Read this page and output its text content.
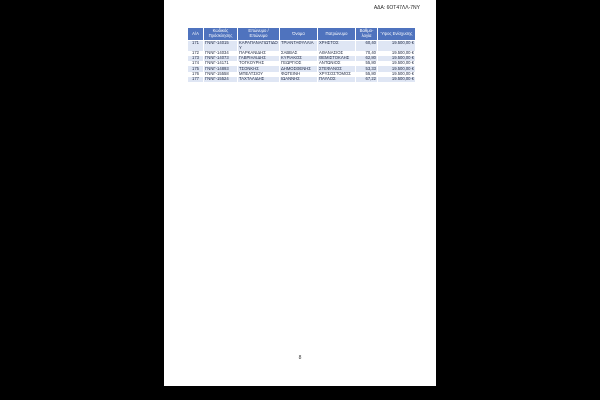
ΑΔΑ: 6ΟΤ47ΛΛ-7ΝΥ
Α/Α	Κωδικός Πρόσκλησης	Επώνυμο / Επώνυμο	Όνομα	Πατρώνυμο	Βαθμο-λογία	Ύψος Ενίσχυσης
171	ΓΝΝΓ-14015	ΚΑΡΑΠΑΝΑΓΙΩΤΙΔΟΥ	ΤΡΙΑΝΤΑΦΥΛΛΙΑ	ΧΡΗΣΤΟΣ	60,40	19.500,00 €
172	ΓΝΝΓ-14034	ΠΑΡΚΑΝΙΔΗΣ	ΣΑΒΒΑΣ	ΑΘΑΝΑΣΙΟΣ	70,40	19.500,00 €
173	ΓΝΝΓ-14073	ΓΑΒΡΙΗΛΙΔΗΣ	ΚΥΡΙΑΚΟΣ	ΘΕΜΙΣΤΟΚΛΗΣ	62,80	19.500,00 €
174	ΓΝΝΓ-14171	ΤΟΓΚΟΥΡΗΣ	ΓΕΩΡΓΙΟΣ	ΑΝΤΩΝΙΟΣ	55,80	19.500,00 €
175	ΓΝΝΓ-14893	ΤΣΟΝΚΗΣ	ΔΗΜΟΣΘΕΝΗΣ	ΣΤΕΦΑΝΟΣ	53,33	19.500,00 €
176	ΓΝΝΓ-15558	ΜΠΕΛΤΣΙΟΥ	ΦΩΤΕΙΝΗ	ΧΡΥΣΟΣΤΟΜΟΣ	55,80	19.500,00 €
177	ΓΝΝΓ-15524	ΤΑΧΤΑΛΙΔΗΣ	ΙΩΑΝΝΗΣ	ΠΑΥΛΟΣ	67,22	19.500,00 €
8
